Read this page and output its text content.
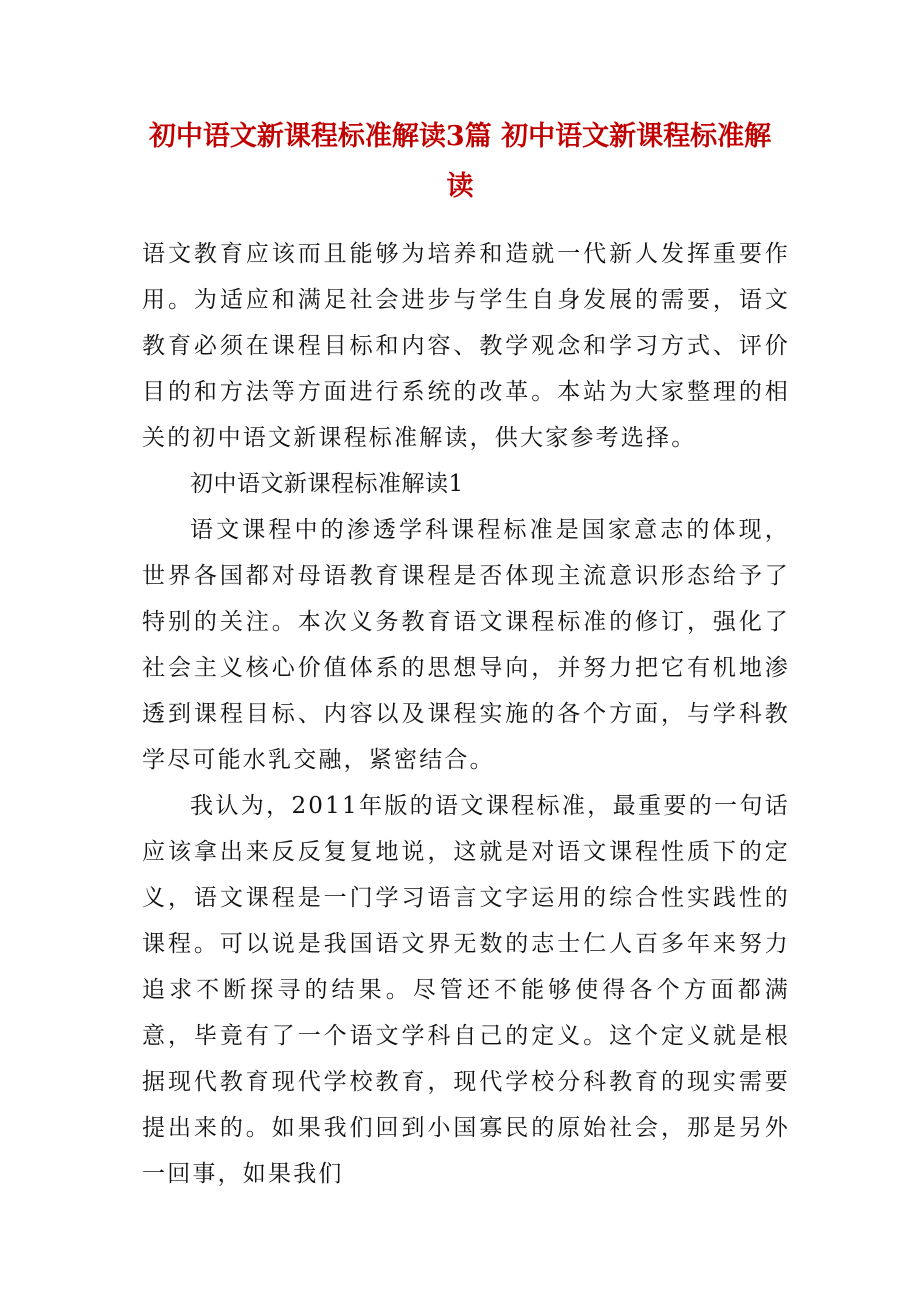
初中语文新课程标准解读3篇 初中语文新课程标准解读

语文教育应该而且能够为培养和造就一代新人发挥重要作用。为适应和满足社会进步与学生自身发展的需要，语文教育必须在课程目标和内容、教学观念和学习方式、评价目的和方法等方面进行系统的改革。本站为大家整理的相关的初中语文新课程标准解读，供大家参考选择。

初中语文新课程标准解读1

语文课程中的渗透学科课程标准是国家意志的体现，世界各国都对母语教育课程是否体现主流意识形态给予了特别的关注。本次义务教育语文课程标准的修订，强化了社会主义核心价值体系的思想导向，并努力把它有机地渗透到课程目标、内容以及课程实施的各个方面，与学科教学尽可能水乳交融，紧密结合。

我认为，2011年版的语文课程标准，最重要的一句话应该拿出来反反复复地说，这就是对语文课程性质下的定义，语文课程是一门学习语言文字运用的综合性实践性的课程。可以说是我国语文界无数的志士仁人百多年来努力追求不断探寻的结果。尽管还不能够使得各个方面都满意，毕竟有了一个语文学科自己的定义。这个定义就是根据现代教育现代学校教育，现代学校分科教育的现实需要提出来的。如果我们回到小国寡民的原始社会，那是另外一回事，如果我们
